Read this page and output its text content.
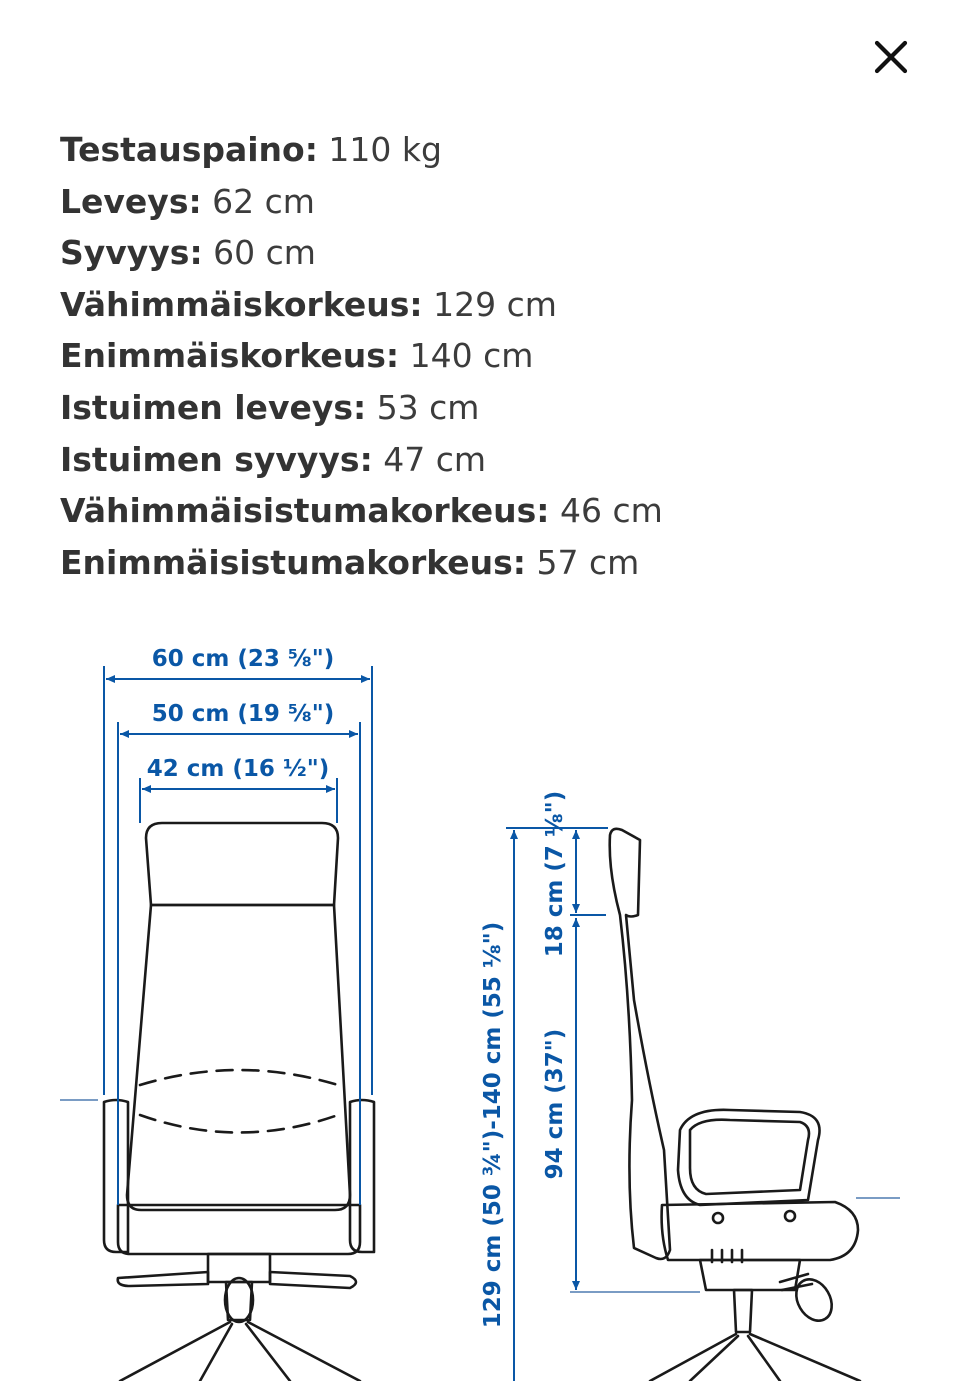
Testauspaino: 110 kg
Leveys: 62 cm
Syvyys: 60 cm
Vähimmäiskorkeus: 129 cm
Enimmäiskorkeus: 140 cm
Istuimen leveys: 53 cm
Istuimen syvyys: 47 cm
Vähimmäisistumakorkeus: 46 cm
Enimmäisistumakorkeus: 57 cm
60 cm (23 ⅝")
50 cm (19 ⅝")
42 cm (16 ½")
129 cm (50 ¾")-140 cm (55 ⅛")
18 cm (7 ⅛")
94 cm (37")
